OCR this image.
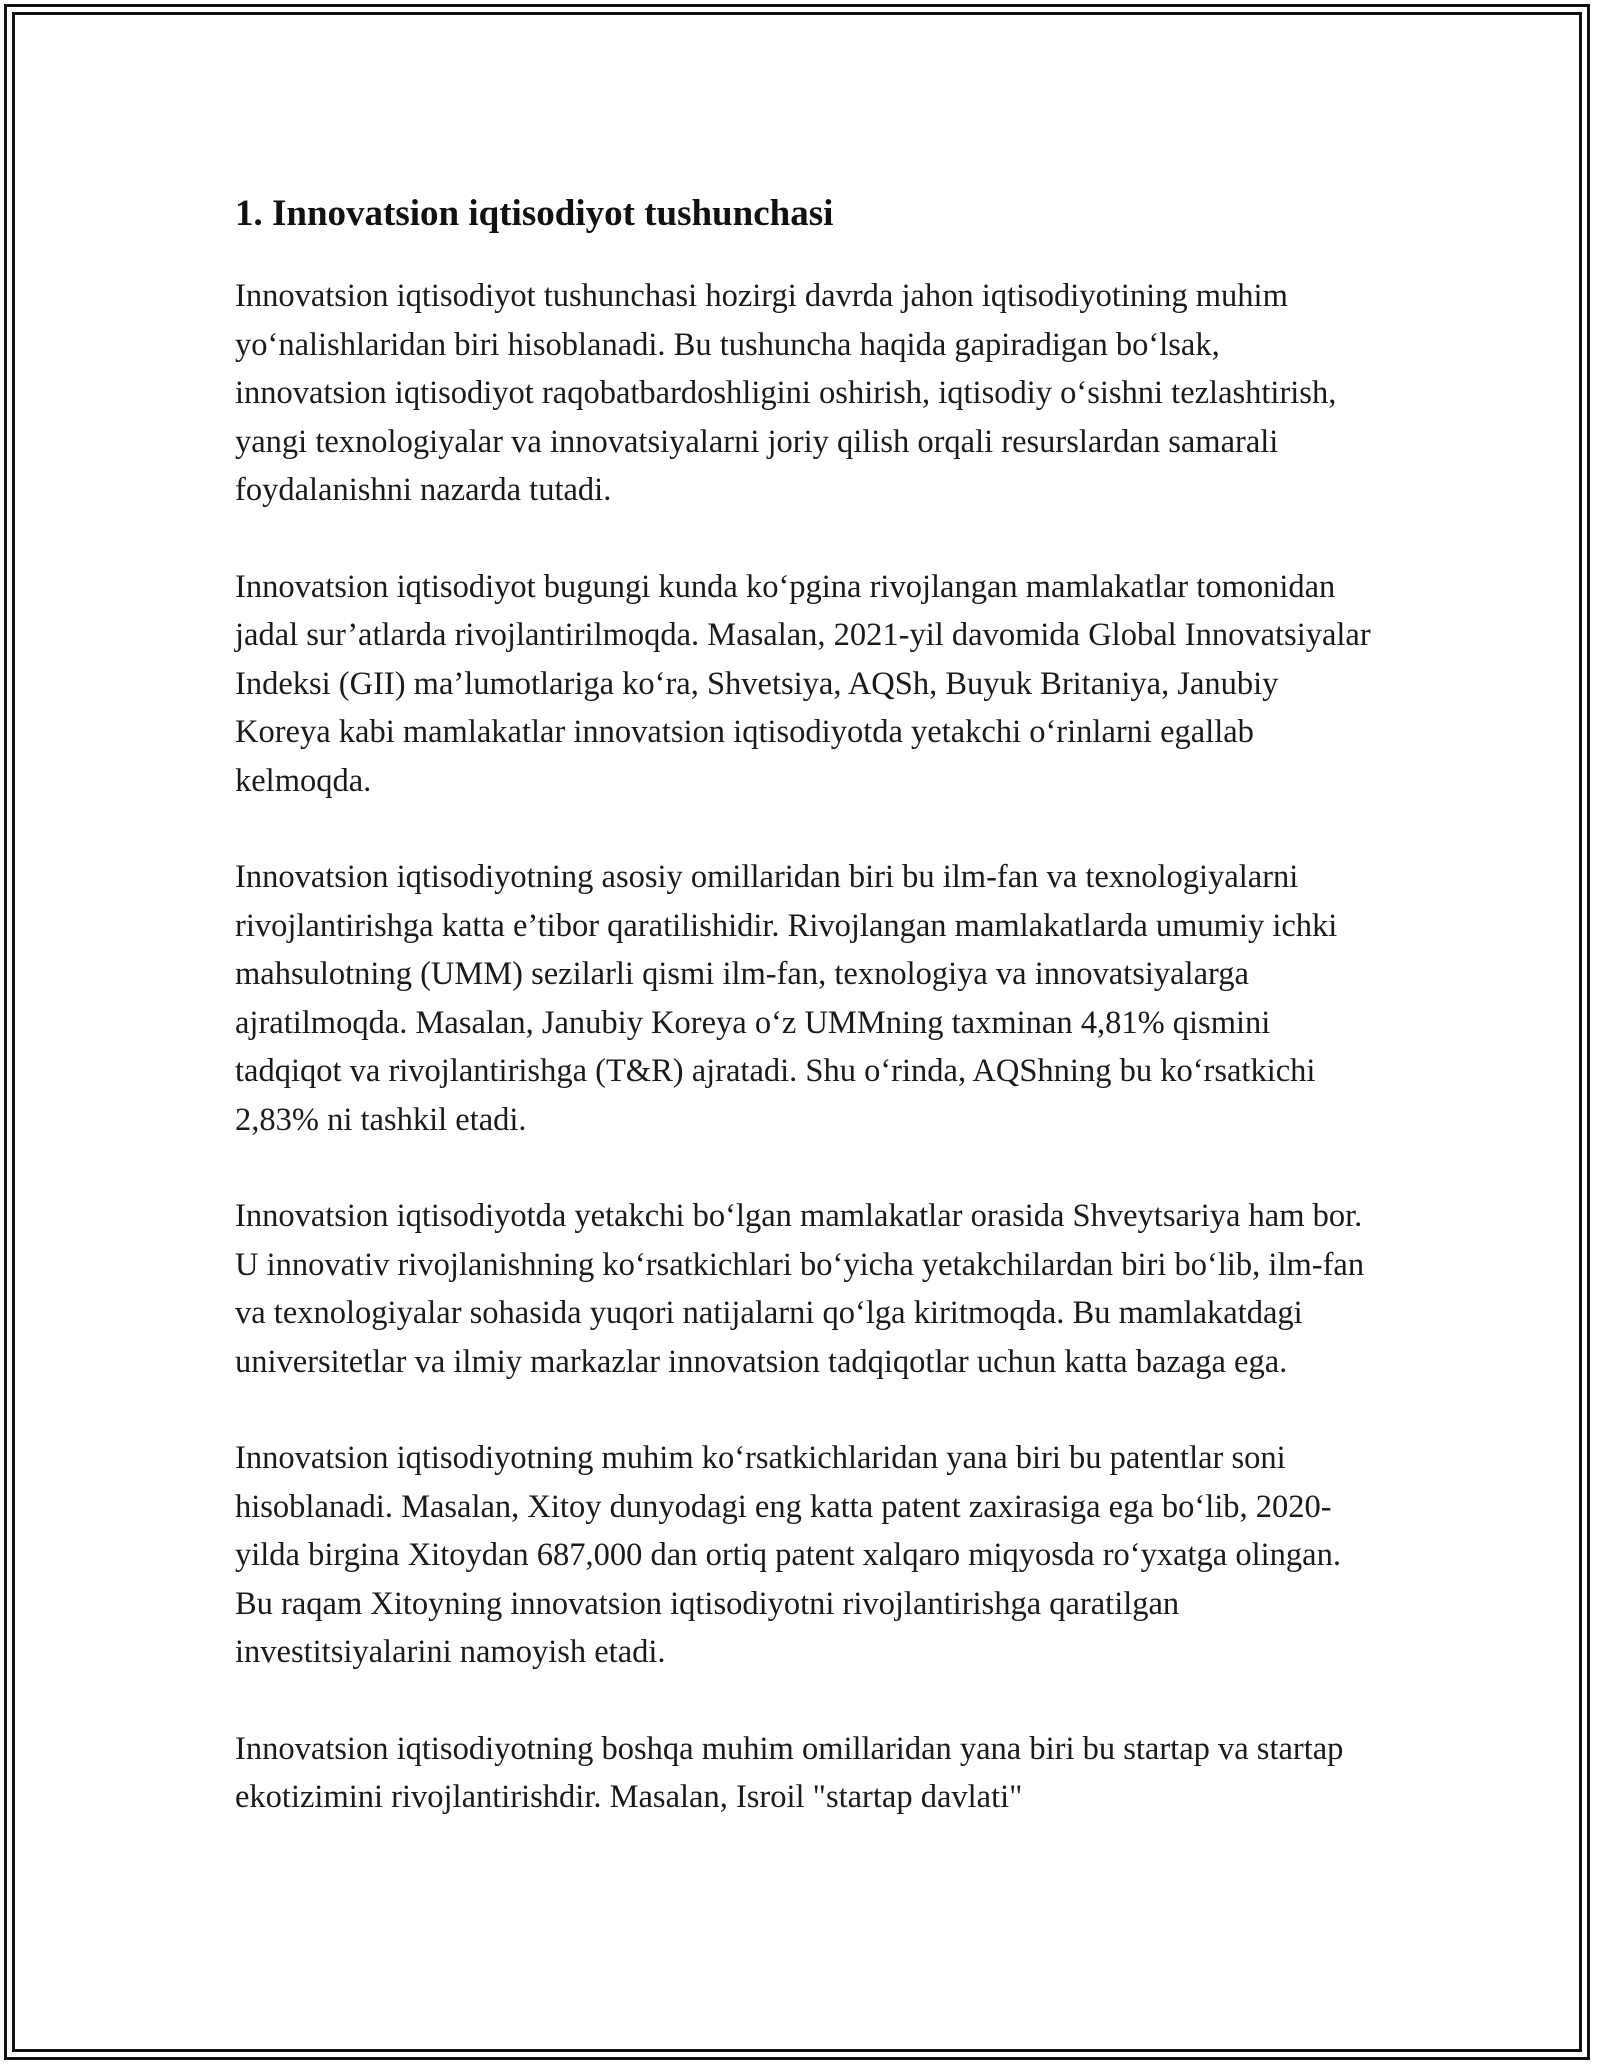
1. Innovatsion iqtisodiyot tushunchasi

Innovatsion iqtisodiyot tushunchasi hozirgi davrda jahon iqtisodiyotining muhim yo‘nalishlaridan biri hisoblanadi. Bu tushuncha haqida gapiradigan bo‘lsak, innovatsion iqtisodiyot raqobatbardoshligini oshirish, iqtisodiy o‘sishni tezlashtirish, yangi texnologiyalar va innovatsiyalarni joriy qilish orqali resurslardan samarali foydalanishni nazarda tutadi.

Innovatsion iqtisodiyot bugungi kunda ko‘pgina rivojlangan mamlakatlar tomonidan jadal sur’atlarda rivojlantirilmoqda. Masalan, 2021-yil davomida Global Innovatsiyalar Indeksi (GII) ma’lumotlariga ko‘ra, Shvetsiya, AQSh, Buyuk Britaniya, Janubiy Koreya kabi mamlakatlar innovatsion iqtisodiyotda yetakchi o‘rinlarni egallab kelmoqda.

Innovatsion iqtisodiyotning asosiy omillaridan biri bu ilm-fan va texnologiyalarni rivojlantirishga katta e’tibor qaratilishidir. Rivojlangan mamlakatlarda umumiy ichki mahsulotning (UMM) sezilarli qismi ilm-fan, texnologiya va innovatsiyalarga ajratilmoqda. Masalan, Janubiy Koreya o‘z UMMning taxminan 4,81% qismini tadqiqot va rivojlantirishga (T&R) ajratadi. Shu o‘rinda, AQShning bu ko‘rsatkichi 2,83% ni tashkil etadi.

Innovatsion iqtisodiyotda yetakchi bo‘lgan mamlakatlar orasida Shveytsariya ham bor. U innovativ rivojlanishning ko‘rsatkichlari bo‘yicha yetakchilardan biri bo‘lib, ilm-fan va texnologiyalar sohasida yuqori natijalarni qo‘lga kiritmoqda. Bu mamlakatdagi universitetlar va ilmiy markazlar innovatsion tadqiqotlar uchun katta bazaga ega.

Innovatsion iqtisodiyotning muhim ko‘rsatkichlaridan yana biri bu patentlar soni hisoblanadi. Masalan, Xitoy dunyodagi eng katta patent zaxirasiga ega bo‘lib, 2020-yilda birgina Xitoydan 687,000 dan ortiq patent xalqaro miqyosda ro‘yxatga olingan. Bu raqam Xitoyning innovatsion iqtisodiyotni rivojlantirishga qaratilgan investitsiyalarini namoyish etadi.

Innovatsion iqtisodiyotning boshqa muhim omillaridan yana biri bu startap va startap ekotizimini rivojlantirishdir. Masalan, Isroil "startap davlati"
